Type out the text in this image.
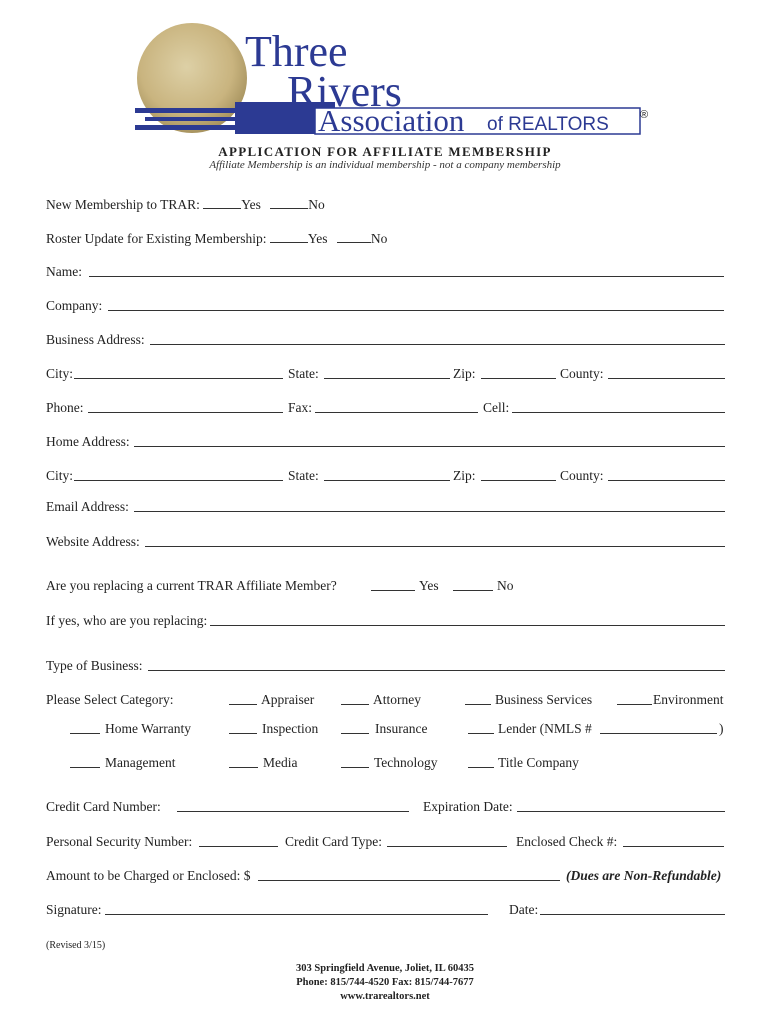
Three
Rivers
Association of REALTORS	®
APPLICATION FOR AFFILIATE MEMBERSHIP
Affiliate Membership is an individual membership - not a company membership
New Membership to TRAR:	Yes	No
Roster Update for Existing Membership:	Yes	No
Name:
Company:
Business Address:
City:	State:	Zip:	County:
Phone:	Fax:	Cell:
Home Address:
City:	State:	Zip:	County:
Email Address:
Website Address:
Are you replacing a current TRAR Affiliate Member?	Yes	No
If yes, who are you replacing:
Type of Business:
Please Select Category:	Appraiser	Attorney	Business Services	Environment
Home Warranty	Inspection	Insurance	Lender (NMLS #	)
Management	Media	Technology	Title Company
Credit Card Number:	Expiration Date:
Personal Security Number:	Credit Card Type:	Enclosed Check #:
Amount to be Charged or Enclosed: $	(Dues are Non-Refundable)
Signature:	Date:
(Revised 3/15)
303 Springfield Avenue, Joliet, IL 60435
Phone: 815/744-4520 Fax: 815/744-7677
www.trarealtors.net
